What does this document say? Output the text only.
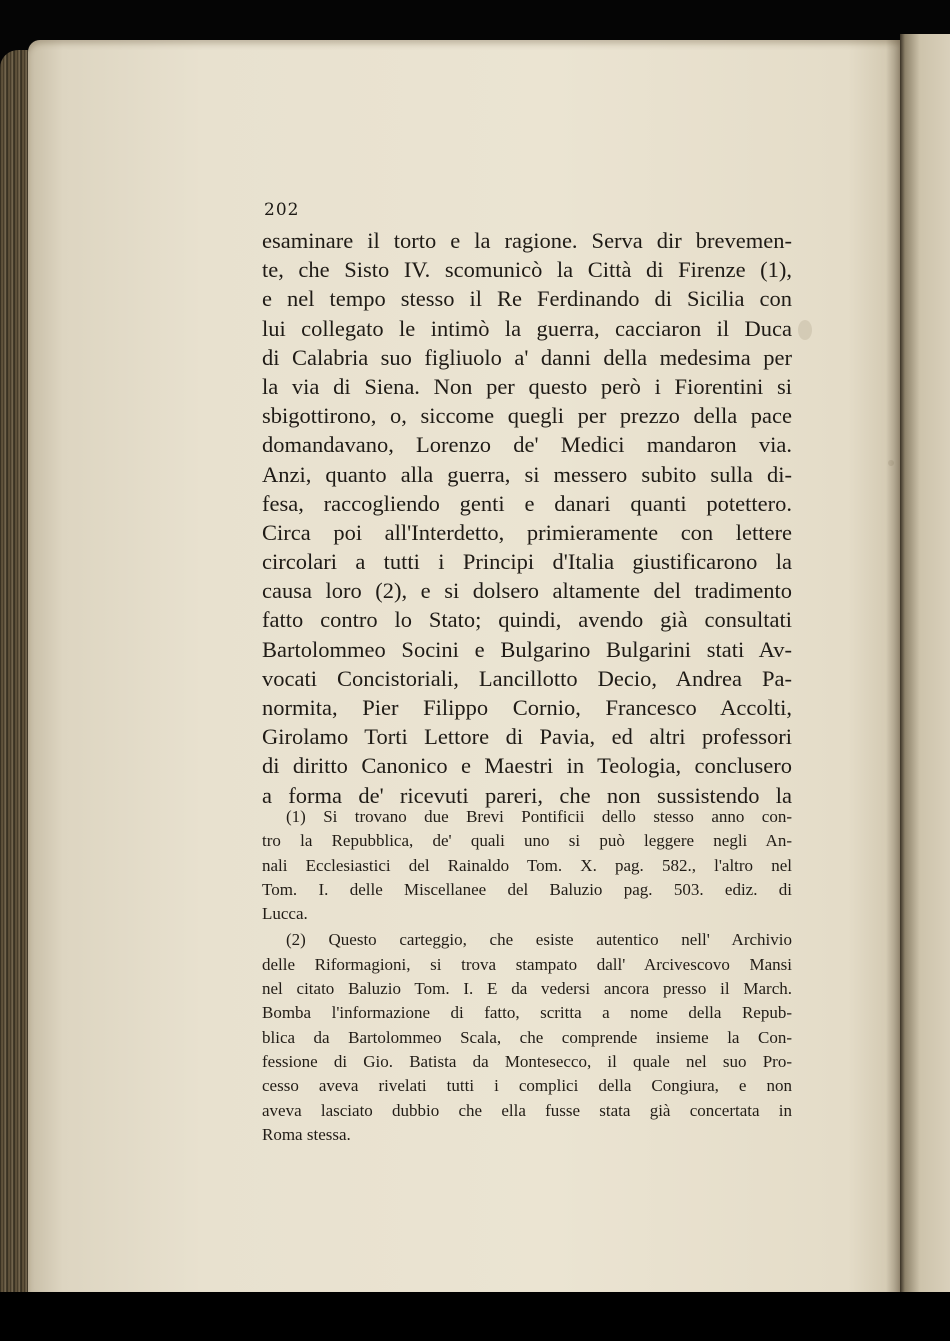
202
esaminare il torto e la ragione. Serva dir brevemen-
te, che Sisto IV. scomunicò la Città di Firenze (1),
e nel tempo stesso il Re Ferdinando di Sicilia con
lui collegato le intimò la guerra, cacciaron il Duca
di Calabria suo figliuolo a' danni della medesima per
la via di Siena. Non per questo però i Fiorentini si
sbigottirono, o, siccome quegli per prezzo della pace
domandavano, Lorenzo de' Medici mandaron via.
Anzi, quanto alla guerra, si messero subito sulla di-
fesa, raccogliendo genti e danari quanti potettero.
Circa poi all'Interdetto, primieramente con lettere
circolari a tutti i Principi d'Italia giustificarono la
causa loro (2), e si dolsero altamente del tradimento
fatto contro lo Stato; quindi, avendo già consultati
Bartolommeo Socini e Bulgarino Bulgarini stati Av-
vocati Concistoriali, Lancillotto Decio, Andrea Pa-
normita, Pier Filippo Cornio, Francesco Accolti,
Girolamo Torti Lettore di Pavia, ed altri professori
di diritto Canonico e Maestri in Teologia, conclusero
a forma de' ricevuti pareri, che non sussistendo la
(1) Si trovano due Brevi Pontificii dello stesso anno con-
tro la Repubblica, de' quali uno si può leggere negli An-
nali Ecclesiastici del Rainaldo Tom. X. pag. 582., l'altro nel
Tom. I. delle Miscellanee del Baluzio pag. 503. ediz. di
Lucca.
(2) Questo carteggio, che esiste autentico nell' Archivio
delle Riformagioni, si trova stampato dall' Arcivescovo Mansi
nel citato Baluzio Tom. I. E da vedersi ancora presso il March.
Bomba l'informazione di fatto, scritta a nome della Repub-
blica da Bartolommeo Scala, che comprende insieme la Con-
fessione di Gio. Batista da Montesecco, il quale nel suo Pro-
cesso aveva rivelati tutti i complici della Congiura, e non
aveva lasciato dubbio che ella fusse stata già concertata in
Roma stessa.
